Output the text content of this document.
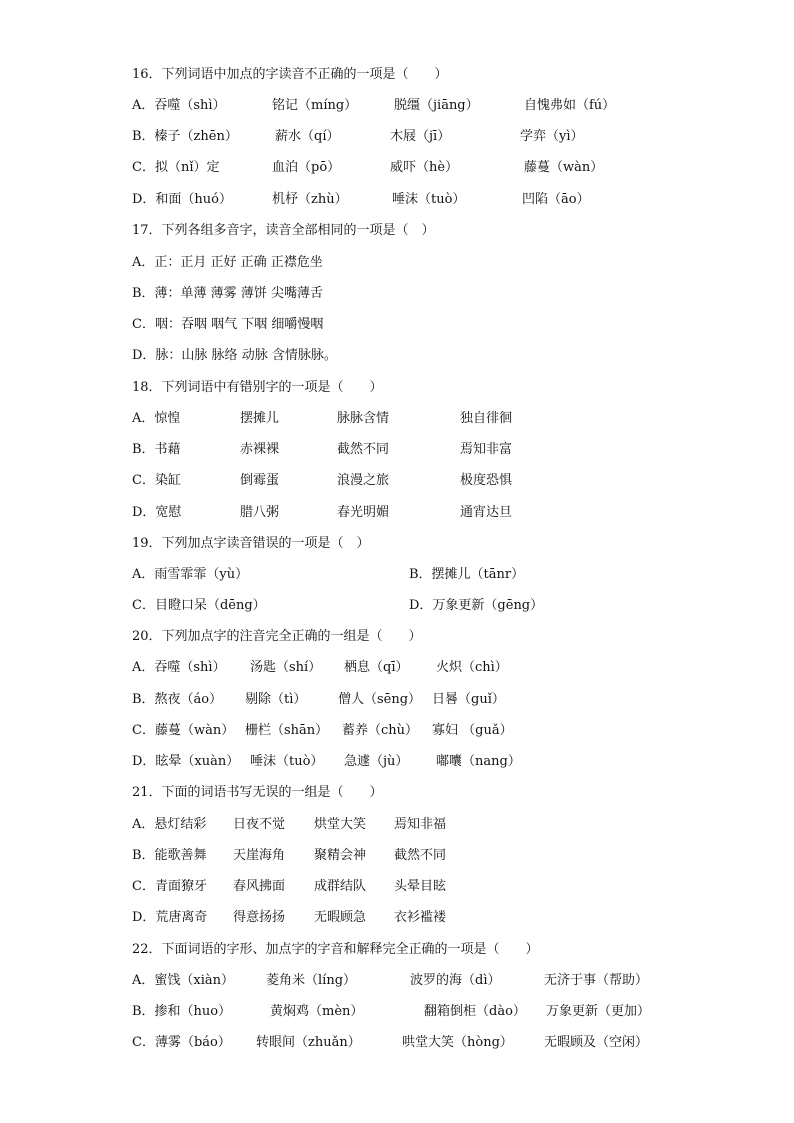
16．下列词语中加点的字读音不正确的一项是（　　）
A．吞噬（shì）	铭记（míng）	脱缰（jiāng）	自愧弗如（fú）
B．榛子（zhēn）	薪水（qí）	木屐（jī）	学弈（yì）
C．拟（nǐ）定	血泊（pō）	威吓（hè）	藤蔓（wàn）
D．和面（huó）	机杼（zhù）	唾沫（tuò）	凹陷（āo）
17．下列各组多音字，读音全部相同的一项是（　）
A．正：正月 正好 正确 正襟危坐
B．薄：单薄 薄雾 薄饼 尖嘴薄舌
C．咽：吞咽 咽气 下咽 细嚼慢咽
D．脉：山脉 脉络 动脉 含情脉脉。
18．下列词语中有错别字的一项是（　　）
A．惊惶	摆摊儿	脉脉含情	独自徘徊
B．书藉	赤裸裸	截然不同	焉知非富
C．染缸	倒霉蛋	浪漫之旅	极度恐惧
D．宽慰	腊八粥	春光明媚	通宵达旦
19．下列加点字读音错误的一项是（　）
A．雨雪霏霏（yù）	B．摆摊儿（tānr）
C．目瞪口呆（dēng）	D．万象更新（gēng）
20．下列加点字的注音完全正确的一组是（　　）
A．吞噬（shì） 汤匙（shí） 栖息（qī） 火炽（chì）
B．熬夜（áo） 剔除（tì） 僧人（sēng） 日晷（guǐ）
C．藤蔓（wàn） 栅栏（shān） 蓄养（chù） 寡妇 （guǎ）
D．眩晕（xuàn） 唾沫（tuò） 急遽（jù） 嘟囔（nang）
21．下面的词语书写无误的一组是（　　）
A．悬灯结彩 日夜不觉 烘堂大笑 焉知非福
B．能歌善舞 天崖海角 聚精会神 截然不同
C．青面獠牙 春风拂面 成群结队 头晕目眩
D．荒唐离奇 得意扬扬 无暇顾急 衣衫褴褛
22．下面词语的字形、加点字的字音和解释完全正确的一项是（　　）
A．蜜饯（xiàn） 菱角米（líng）	波罗的海（dì）	无济于事（帮助）
B．掺和（huo）	黄焖鸡（mèn）	翻箱倒柜（dào） 万象更新（更加）
C．薄雾（báo） 转眼间（zhuǎn）	哄堂大笑（hòng） 无暇顾及（空闲）
